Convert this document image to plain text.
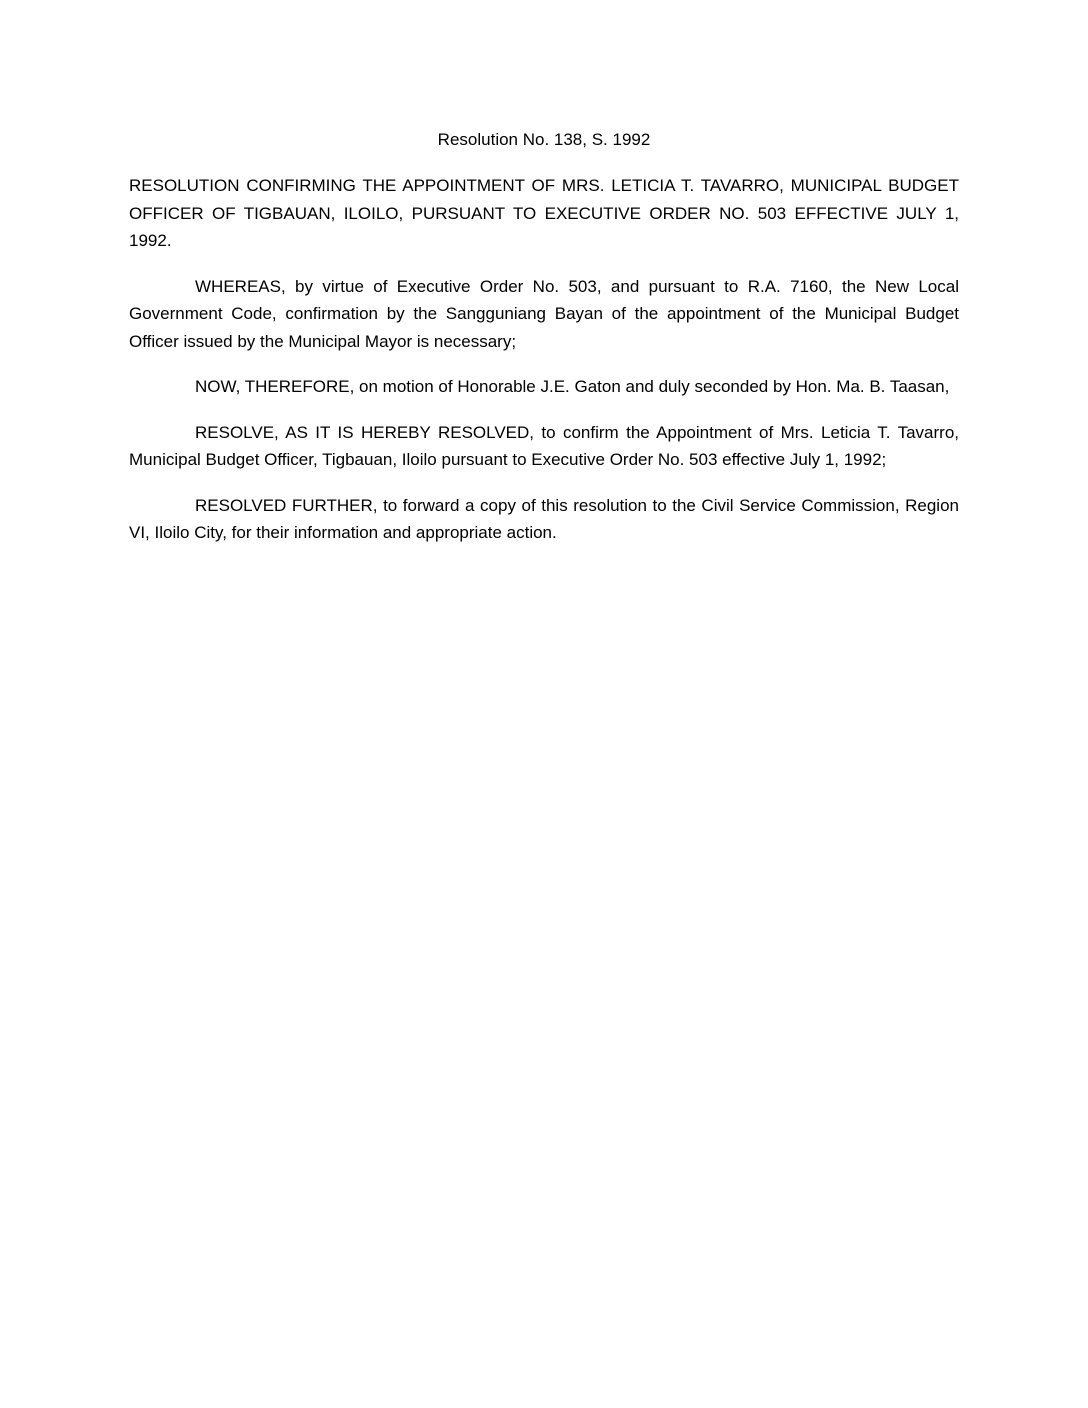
Resolution No. 138, S. 1992

RESOLUTION CONFIRMING THE APPOINTMENT OF MRS. LETICIA T. TAVARRO, MUNICIPAL BUDGET OFFICER OF TIGBAUAN, ILOILO, PURSUANT TO EXECUTIVE ORDER NO. 503 EFFECTIVE JULY 1, 1992.

WHEREAS, by virtue of Executive Order No. 503, and pursuant to R.A. 7160, the New Local Government Code, confirmation by the Sangguniang Bayan of the appointment of the Municipal Budget Officer issued by the Municipal Mayor is necessary;

NOW, THEREFORE, on motion of Honorable J.E. Gaton and duly seconded by Hon. Ma. B. Taasan,

RESOLVE, AS IT IS HEREBY RESOLVED, to confirm the Appointment of Mrs. Leticia T. Tavarro, Municipal Budget Officer, Tigbauan, Iloilo pursuant to Executive Order No. 503 effective July 1, 1992;

RESOLVED FURTHER, to forward a copy of this resolution to the Civil Service Commission, Region VI, Iloilo City, for their information and appropriate action.
